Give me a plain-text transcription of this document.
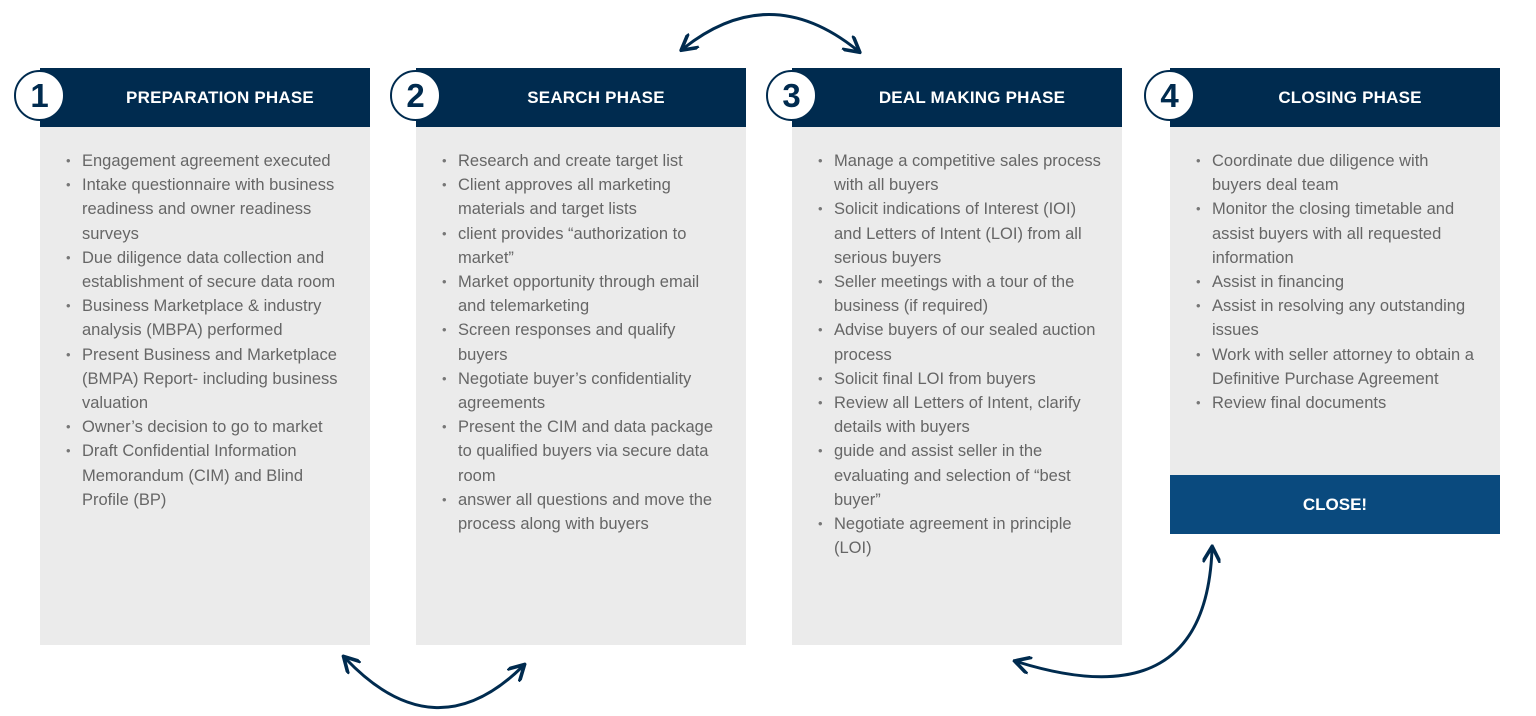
1	PREPARATION PHASE
• Engagement agreement executed
• Intake questionnaire with business readiness and owner readiness surveys
• Due diligence data collection and establishment of secure data room
• Business Marketplace & industry analysis (MBPA) performed
• Present Business and Marketplace (BMPA) Report- including business valuation
• Owner’s decision to go to market
• Draft Confidential Information Memorandum (CIM) and Blind Profile (BP)
2	SEARCH PHASE
• Research and create target list
• Client approves all marketing materials and target lists
• client provides “authorization to market”
• Market opportunity through email and telemarketing
• Screen responses and qualify buyers
• Negotiate buyer’s confidentiality agreements
• Present the CIM and data package to qualified buyers via secure data room
• answer all questions and move the process along with buyers
3	DEAL MAKING PHASE
• Manage a competitive sales process with all buyers
• Solicit indications of Interest (IOI) and Letters of Intent (LOI) from all serious buyers
• Seller meetings with a tour of the business (if required)
• Advise buyers of our sealed auction process
• Solicit final LOI from buyers
• Review all Letters of Intent, clarify details with buyers
• guide and assist seller in the evaluating and selection of “best buyer”
• Negotiate agreement in principle (LOI)
4	CLOSING PHASE
• Coordinate due diligence with buyers deal team
• Monitor the closing timetable and assist buyers with all requested information
• Assist in financing
• Assist in resolving any outstanding issues
• Work with seller attorney to obtain a Definitive Purchase Agreement
• Review final documents
CLOSE!
